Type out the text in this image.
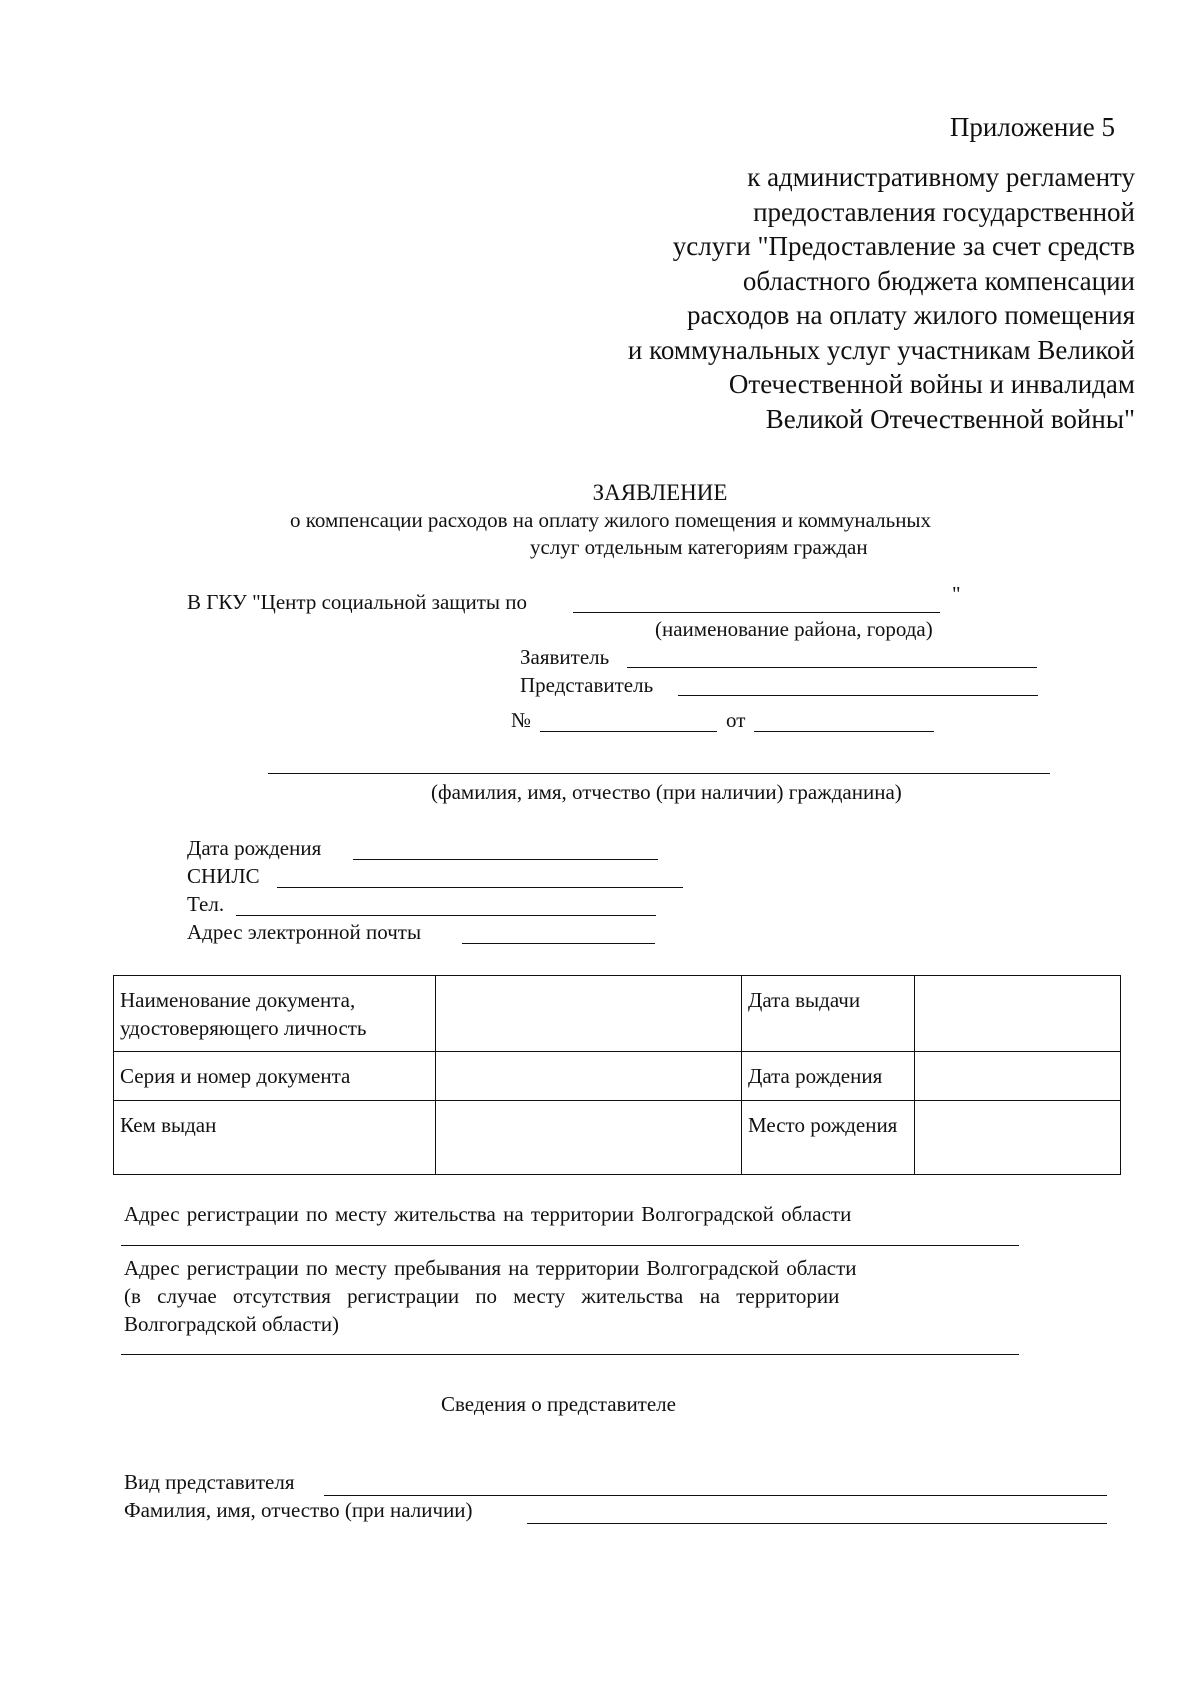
Приложение 5
к административному регламенту
предоставления государственной
услуги "Предоставление за счет средств
областного бюджета компенсации
расходов на оплату жилого помещения
и коммунальных услуг участникам Великой
Отечественной войны и инвалидам
Великой Отечественной войны"
ЗАЯВЛЕНИЕ
о компенсации расходов на оплату жилого помещения и коммунальных
услуг отдельным категориям граждан
В ГКУ "Центр социальной защиты по	"
(наименование района, города)
Заявитель
Представитель
№	от
(фамилия, имя, отчество (при наличии) гражданина)
Дата рождения
СНИЛС
Тел.
Адрес электронной почты
Наименование документа, удостоверяющего личность		Дата выдачи	
Серия и номер документа		Дата рождения	
Кем выдан		Место рождения	
Адрес регистрации по месту жительства на территории Волгоградской области
Адрес регистрации по месту пребывания на территории Волгоградской области
(в случае отсутствия регистрации по месту жительства на территории
Волгоградской области)
Сведения о представителе
Вид представителя
Фамилия, имя, отчество (при наличии)
